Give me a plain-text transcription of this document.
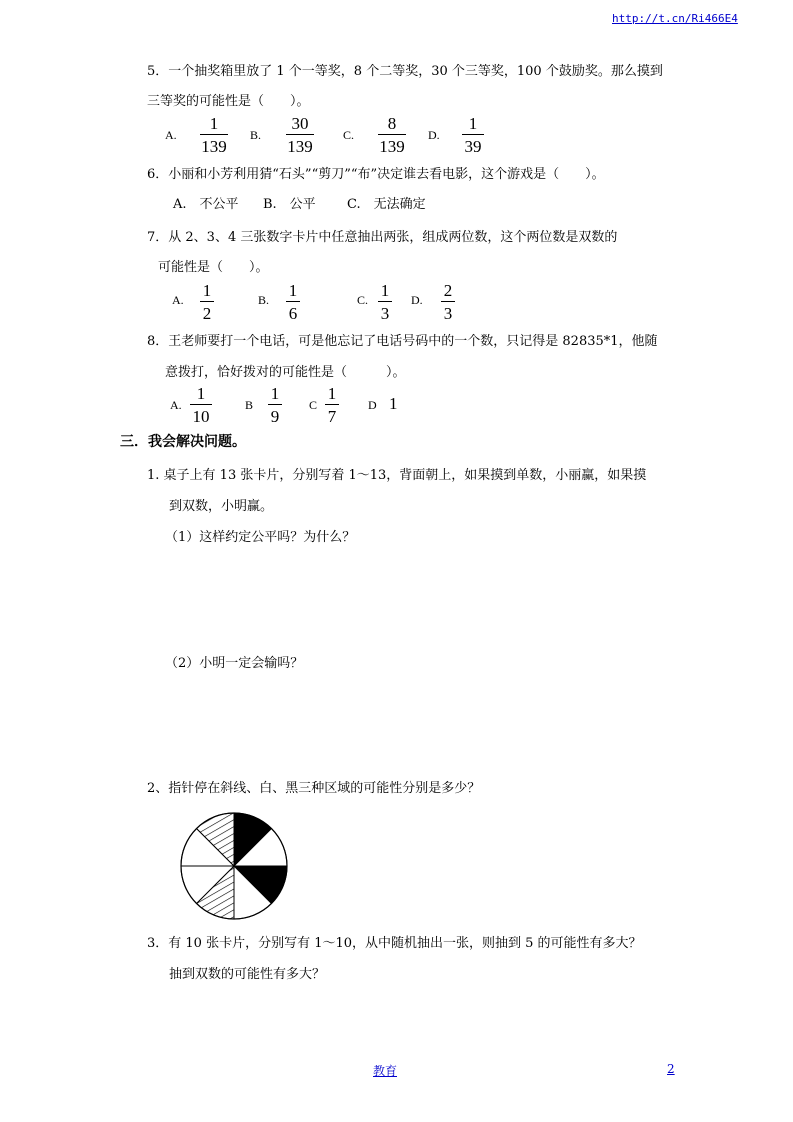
http://t.cn/Ri466E4
5．一个抽奖箱里放了 1 个一等奖，8 个二等奖，30 个三等奖，100 个鼓励奖。那么摸到
三等奖的可能性是（　　）。
A.
1
139
B.
30
139
C.
8
139
D.
1
39
6．小丽和小芳利用猜“石头”“剪刀”“布”决定谁去看电影，这个游戏是（　　）。
A.　不公平 B.　公平 C.　无法确定
7．从 2、3、4 三张数字卡片中任意抽出两张，组成两位数，这个两位数是双数的
可能性是（　　）。
A. 1
2
B. 1
6
C. 1
3
D. 2
3
8．王老师要打一个电话，可是他忘记了电话号码中的一个数，只记得是 82835*1，他随
意拨打，恰好拨对的可能性是（　　　）。
A.
1
10
B
1
9
C
1
7
D 1
三．我会解决问题。
1. 桌子上有 13 张卡片，分别写着 1～13，背面朝上，如果摸到单数，小丽赢，如果摸
到双数，小明赢。
（1）这样约定公平吗？为什么？
（2）小明一定会输吗？
2、指针停在斜线、白、黑三种区域的可能性分别是多少？
3．有 10 张卡片，分别写有 1～10，从中随机抽出一张，则抽到 5 的可能性有多大？
抽到双数的可能性有多大？
教育	2
